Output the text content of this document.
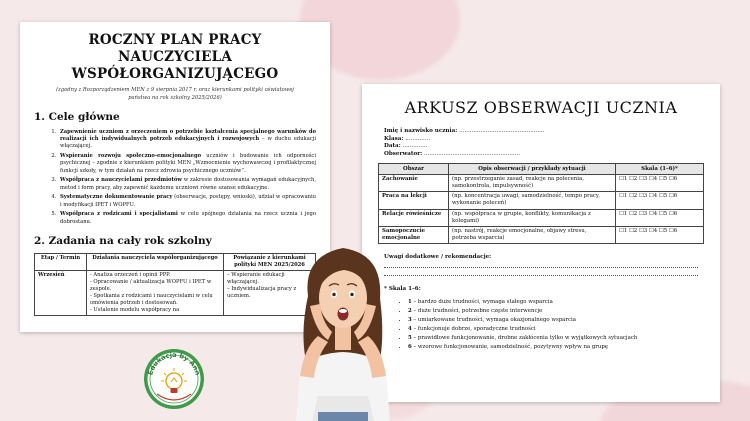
ROCZNY PLAN PRACY NAUCZYCIELA
WSPÓŁORGANIZUJĄCEGO
(zgodny z Rozporządzeniem MEN z 9 sierpnia 2017 r. oraz kierunkami polityki oświatowej państwa na rok szkolny 2025/2026)
1. Cele główne
1. Zapewnienie uczniom z orzeczeniem o potrzebie kształcenia specjalnego warunków do realizacji ich indywidualnych potrzeb edukacyjnych i rozwojowych – w duchu edukacji włączającej.
2. Wspieranie rozwoju społeczno-emocjonalnego uczniów i budowanie ich odporności psychicznej – zgodnie z kierunkiem polityki MEN „Wzmocnienie wychowawczej i profilaktycznej funkcji szkoły, w tym działań na rzecz zdrowia psychicznego uczniów”.
3. Współpraca z nauczycielami przedmiotów w zakresie dostosowania wymagań edukacyjnych, metod i form pracy, aby zapewnić każdemu uczniowi równe szanse edukacyjne.
4. Systematyczne dokumentowanie pracy (obserwacje, postępy, wnioski), udział w opracowaniu i modyfikacji IPET i WOPFU.
5. Współpraca z rodzicami i specjalistami w celu spójnego działania na rzecz ucznia i jego dobrostanu.
2. Zadania na cały rok szkolny
Etap / Termin	Działania nauczyciela współorganizującego	Powiązanie z kierunkami polityki MEN 2025/2026
Wrzesień	- Analiza orzeczeń i opinii PPP.
- Opracowanie / aktualizacja WOPFU i IPET w zespole.
- Spotkania z rodzicami i nauczycielami w celu omówienia potrzeb i dostosowań.
- Ustalenie modelu współpracy na	– Wspieranie edukacji włączającej.
– Indywidualizacja pracy z uczniem.
ARKUSZ OBSERWACJI UCZNIA
Imię i nazwisko ucznia: ................................................
Klasa: ..............
Data: ..............
Obserwator: ......................................................
Obszar	Opis obserwacji / przykłady sytuacji	Skala (1–6)*
Zachowanie	(np. przestrzeganie zasad, reakcje na polecenia, samokontrola, impulsywność)	☐1 ☐2 ☐3 ☐4 ☐5 ☐6
Praca na lekcji	(np. koncentracja uwagi, samodzielność, tempo pracy, wykonanie poleceń)	☐1 ☐2 ☐3 ☐4 ☐5 ☐6
Relacje rówieśnicze	(np. współpraca w grupie, konflikty, komunikacja z kolegami)	☐1 ☐2 ☐3 ☐4 ☐5 ☐6
Samopoczucie emocjonalne	(np. nastrój, reakcje emocjonalne, objawy stresu, potrzeba wsparcia)	☐1 ☐2 ☐3 ☐4 ☐5 ☐6
Uwagi dodatkowe / rekomendacje:
* Skala 1–6:
• 1 – bardzo duże trudności, wymaga stałego wsparcia
• 2 – duże trudności, potrzebne częste interwencje
• 3 – umiarkowane trudności, wymaga okazjonalnego wsparcia
• 4 – funkcjonuje dobrze, sporadyczne trudności
• 5 – prawidłowe funkcjonowanie, drobne zakłócenia tylko w wyjątkowych sytuacjach
• 6 – wzorowe funkcjonowanie, samodzielność, pozytywny wpływ na grupę
Edukacja by Ann
